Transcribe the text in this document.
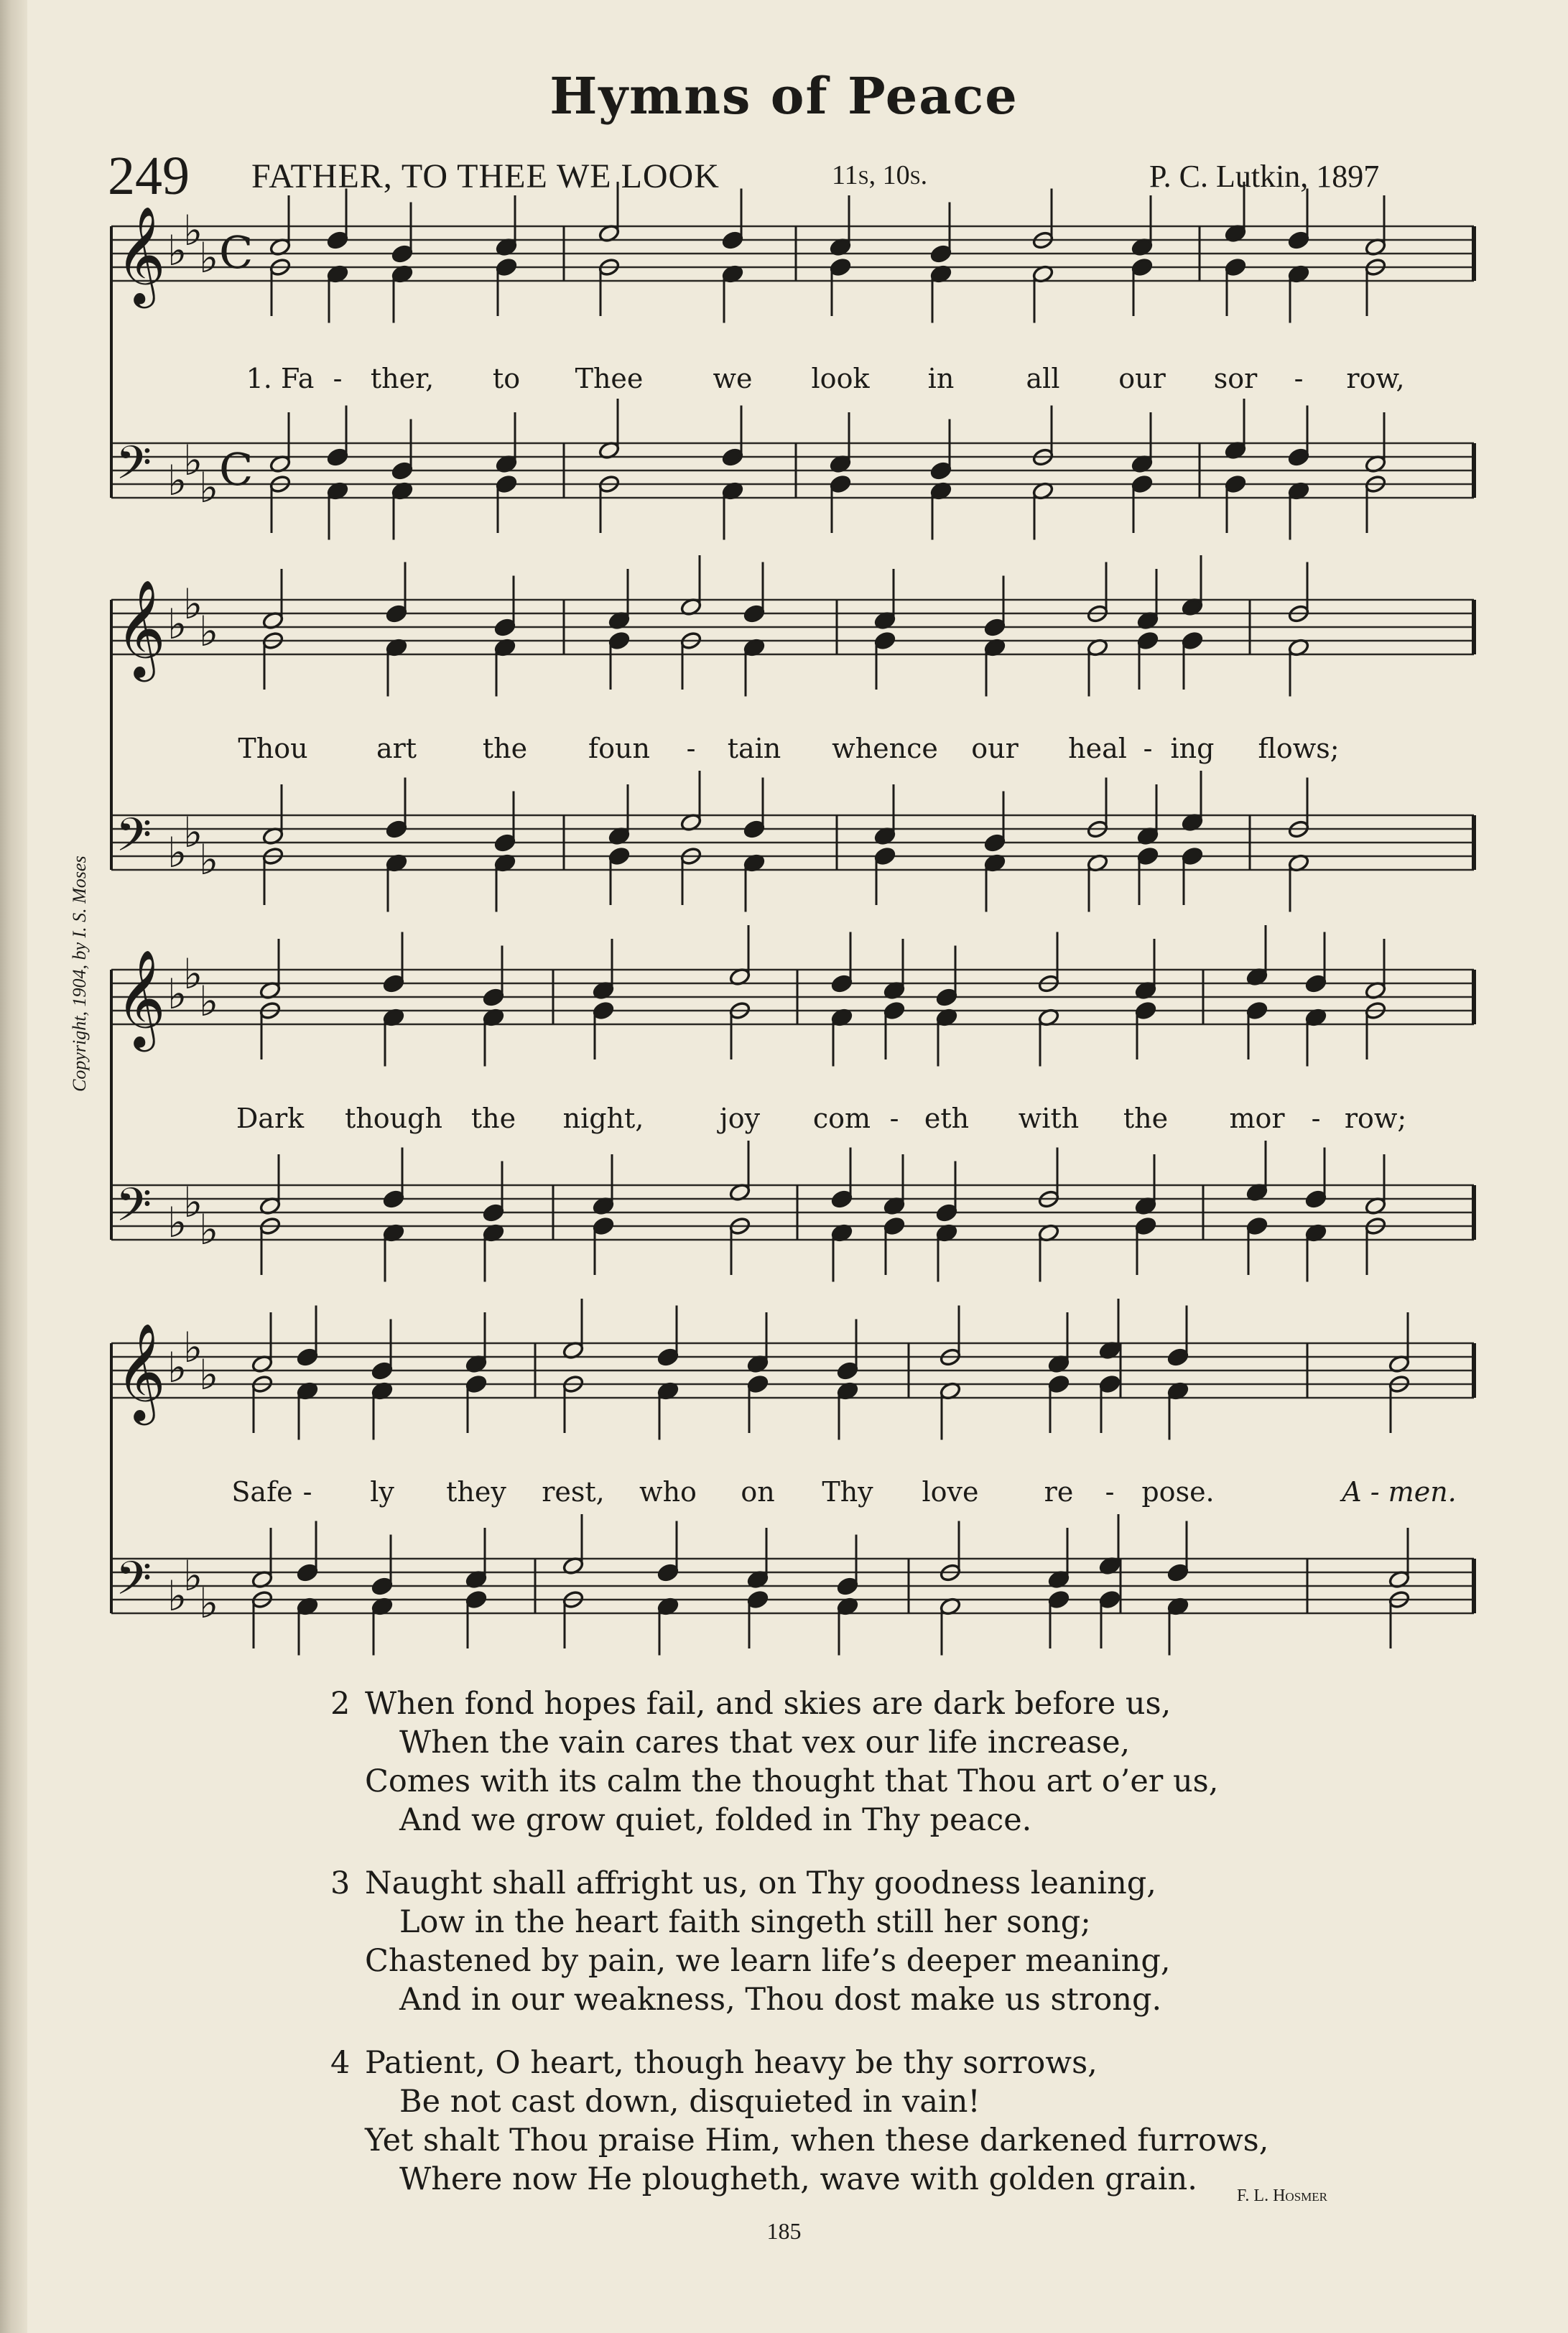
Hymns of Peace
249 FATHER, TO THEE WE LOOK	11s, 10s.	P. C. Lutkin, 1897
Copyright, 1904, by I. S. Moses
𝄞 ♭
♭
♭ C
𝄢 ♭
♭
♭ C
𝄞 ♭
♭
♭
𝄢 ♭
♭
♭
𝄞 ♭
♭
♭
𝄢 ♭
♭
♭
𝄞 ♭
♭
♭
𝄢 ♭
♭
♭
1. Fa - ther, to Thee	we look in	all our sor - row,
Thou	art the foun - tain whence our heal - ing flows;
Dark though the night,	joy com - eth with the mor - row;
Safe - ly they rest, who on Thy love re - pose.	A - men.
2 When fond hopes fail, and skies are dark before us,
When the vain cares that vex our life increase,
Comes with its calm the thought that Thou art o’er us,
And we grow quiet, folded in Thy peace.
3 Naught shall affright us, on Thy goodness leaning,
Low in the heart faith singeth still her song;
Chastened by pain, we learn life’s deeper meaning,
And in our weakness, Thou dost make us strong.
4 Patient, O heart, though heavy be thy sorrows,
Be not cast down, disquieted in vain!
Yet shalt Thou praise Him, when these darkened furrows,
Where now He plougheth, wave with golden grain.	F. L. Hosmer
185
